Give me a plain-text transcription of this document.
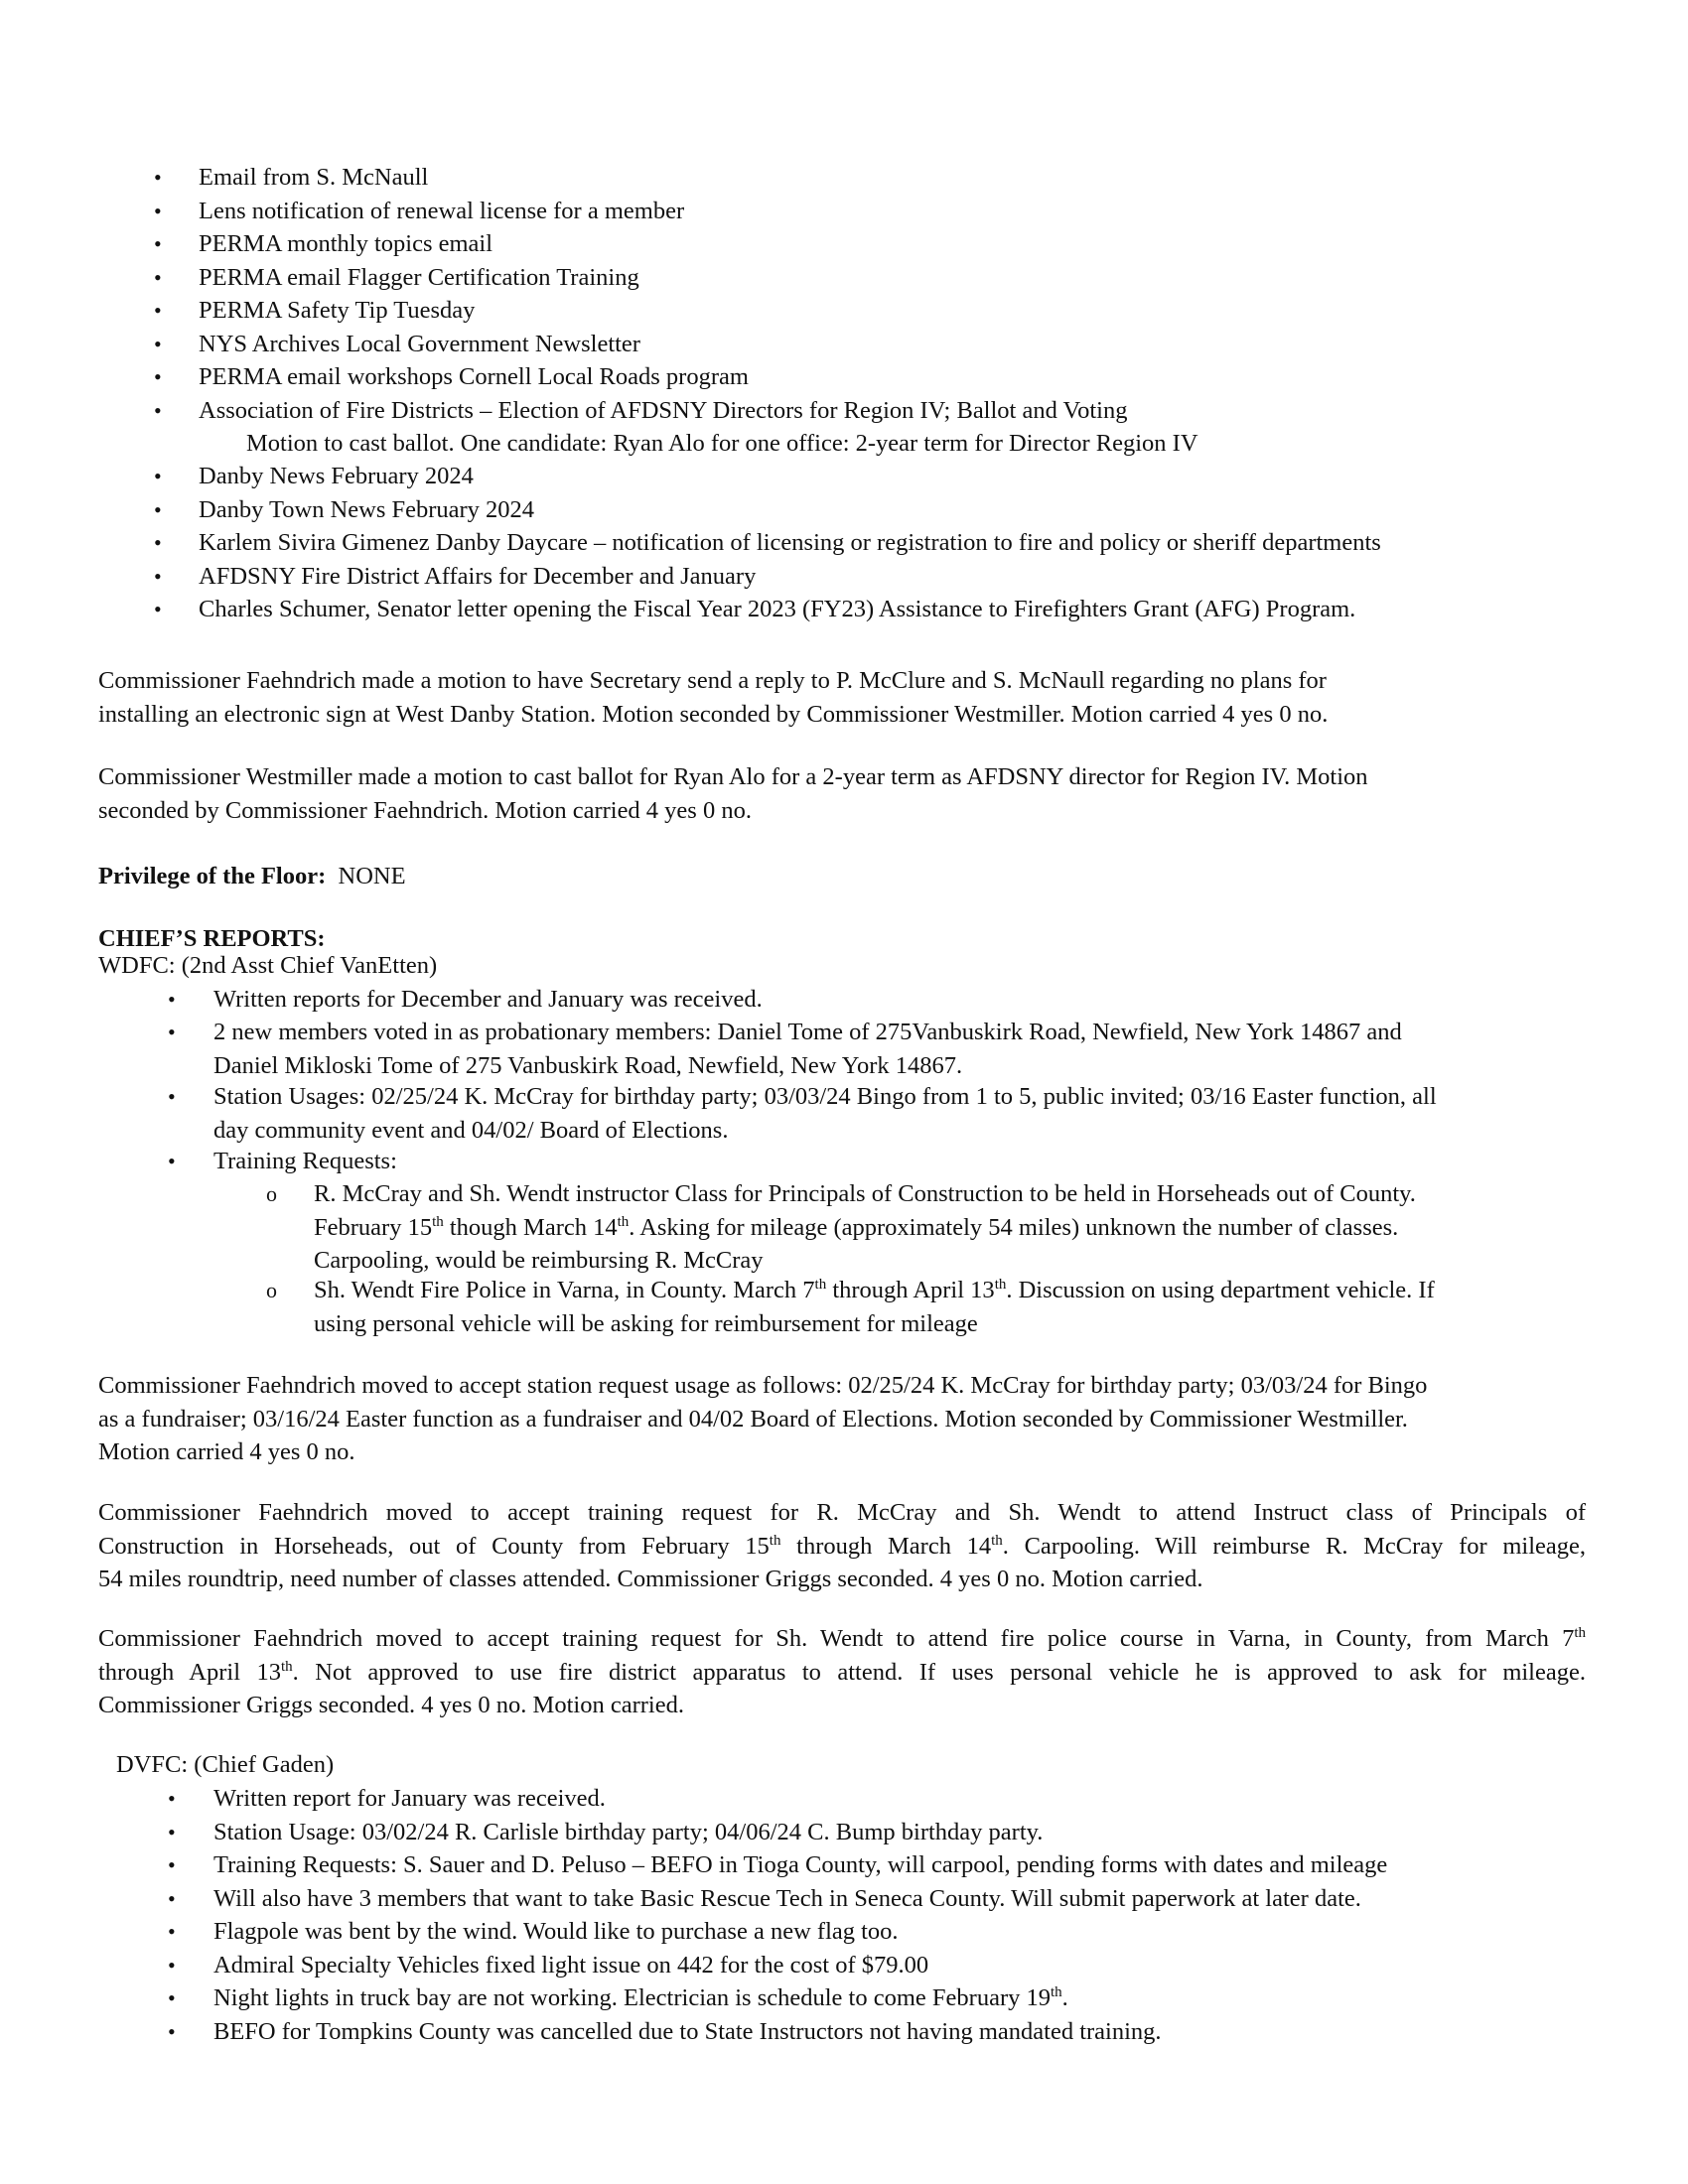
• Email from S. McNaull
• Lens notification of renewal license for a member
• PERMA monthly topics email
• PERMA email Flagger Certification Training
• PERMA Safety Tip Tuesday
• NYS Archives Local Government Newsletter
• PERMA email workshops Cornell Local Roads program
• Association of Fire Districts – Election of AFDSNY Directors for Region IV; Ballot and Voting
Motion to cast ballot. One candidate: Ryan Alo for one office: 2-year term for Director Region IV
• Danby News February 2024
• Danby Town News February 2024
• Karlem Sivira Gimenez Danby Daycare – notification of licensing or registration to fire and policy or sheriff departments
• AFDSNY Fire District Affairs for December and January
• Charles Schumer, Senator letter opening the Fiscal Year 2023 (FY23) Assistance to Firefighters Grant (AFG) Program.
Commissioner Faehndrich made a motion to have Secretary send a reply to P. McClure and S. McNaull regarding no plans for
installing an electronic sign at West Danby Station. Motion seconded by Commissioner Westmiller. Motion carried 4 yes 0 no.
Commissioner Westmiller made a motion to cast ballot for Ryan Alo for a 2-year term as AFDSNY director for Region IV. Motion
seconded by Commissioner Faehndrich. Motion carried 4 yes 0 no.
Privilege of the Floor: NONE
CHIEF’S REPORTS:
WDFC: (2nd Asst Chief VanEtten)
• Written reports for December and January was received.
• 2 new members voted in as probationary members: Daniel Tome of 275Vanbuskirk Road, Newfield, New York 14867 and
Daniel Mikloski Tome of 275 Vanbuskirk Road, Newfield, New York 14867.
• Station Usages: 02/25/24 K. McCray for birthday party; 03/03/24 Bingo from 1 to 5, public invited; 03/16 Easter function, all
day community event and 04/02/ Board of Elections.
• Training Requests:
o R. McCray and Sh. Wendt instructor Class for Principals of Construction to be held in Horseheads out of County.
February 15th though March 14th. Asking for mileage (approximately 54 miles) unknown the number of classes.
Carpooling, would be reimbursing R. McCray
o Sh. Wendt Fire Police in Varna, in County. March 7th through April 13th. Discussion on using department vehicle. If
using personal vehicle will be asking for reimbursement for mileage
Commissioner Faehndrich moved to accept station request usage as follows: 02/25/24 K. McCray for birthday party; 03/03/24 for Bingo
as a fundraiser; 03/16/24 Easter function as a fundraiser and 04/02 Board of Elections. Motion seconded by Commissioner Westmiller.
Motion carried 4 yes 0 no.
Commissioner Faehndrich moved to accept training request for R. McCray and Sh. Wendt to attend Instruct class of Principals of
Construction in Horseheads, out of County from February 15th through March 14th. Carpooling. Will reimburse R. McCray for mileage,
54 miles roundtrip, need number of classes attended. Commissioner Griggs seconded. 4 yes 0 no. Motion carried.
Commissioner Faehndrich moved to accept training request for Sh. Wendt to attend fire police course in Varna, in County, from March 7th
through April 13th. Not approved to use fire district apparatus to attend. If uses personal vehicle he is approved to ask for mileage.
Commissioner Griggs seconded. 4 yes 0 no. Motion carried.
DVFC: (Chief Gaden)
• Written report for January was received.
• Station Usage: 03/02/24 R. Carlisle birthday party; 04/06/24 C. Bump birthday party.
• Training Requests: S. Sauer and D. Peluso – BEFO in Tioga County, will carpool, pending forms with dates and mileage
• Will also have 3 members that want to take Basic Rescue Tech in Seneca County. Will submit paperwork at later date.
• Flagpole was bent by the wind. Would like to purchase a new flag too.
• Admiral Specialty Vehicles fixed light issue on 442 for the cost of $79.00
• Night lights in truck bay are not working. Electrician is schedule to come February 19th.
• BEFO for Tompkins County was cancelled due to State Instructors not having mandated training.
